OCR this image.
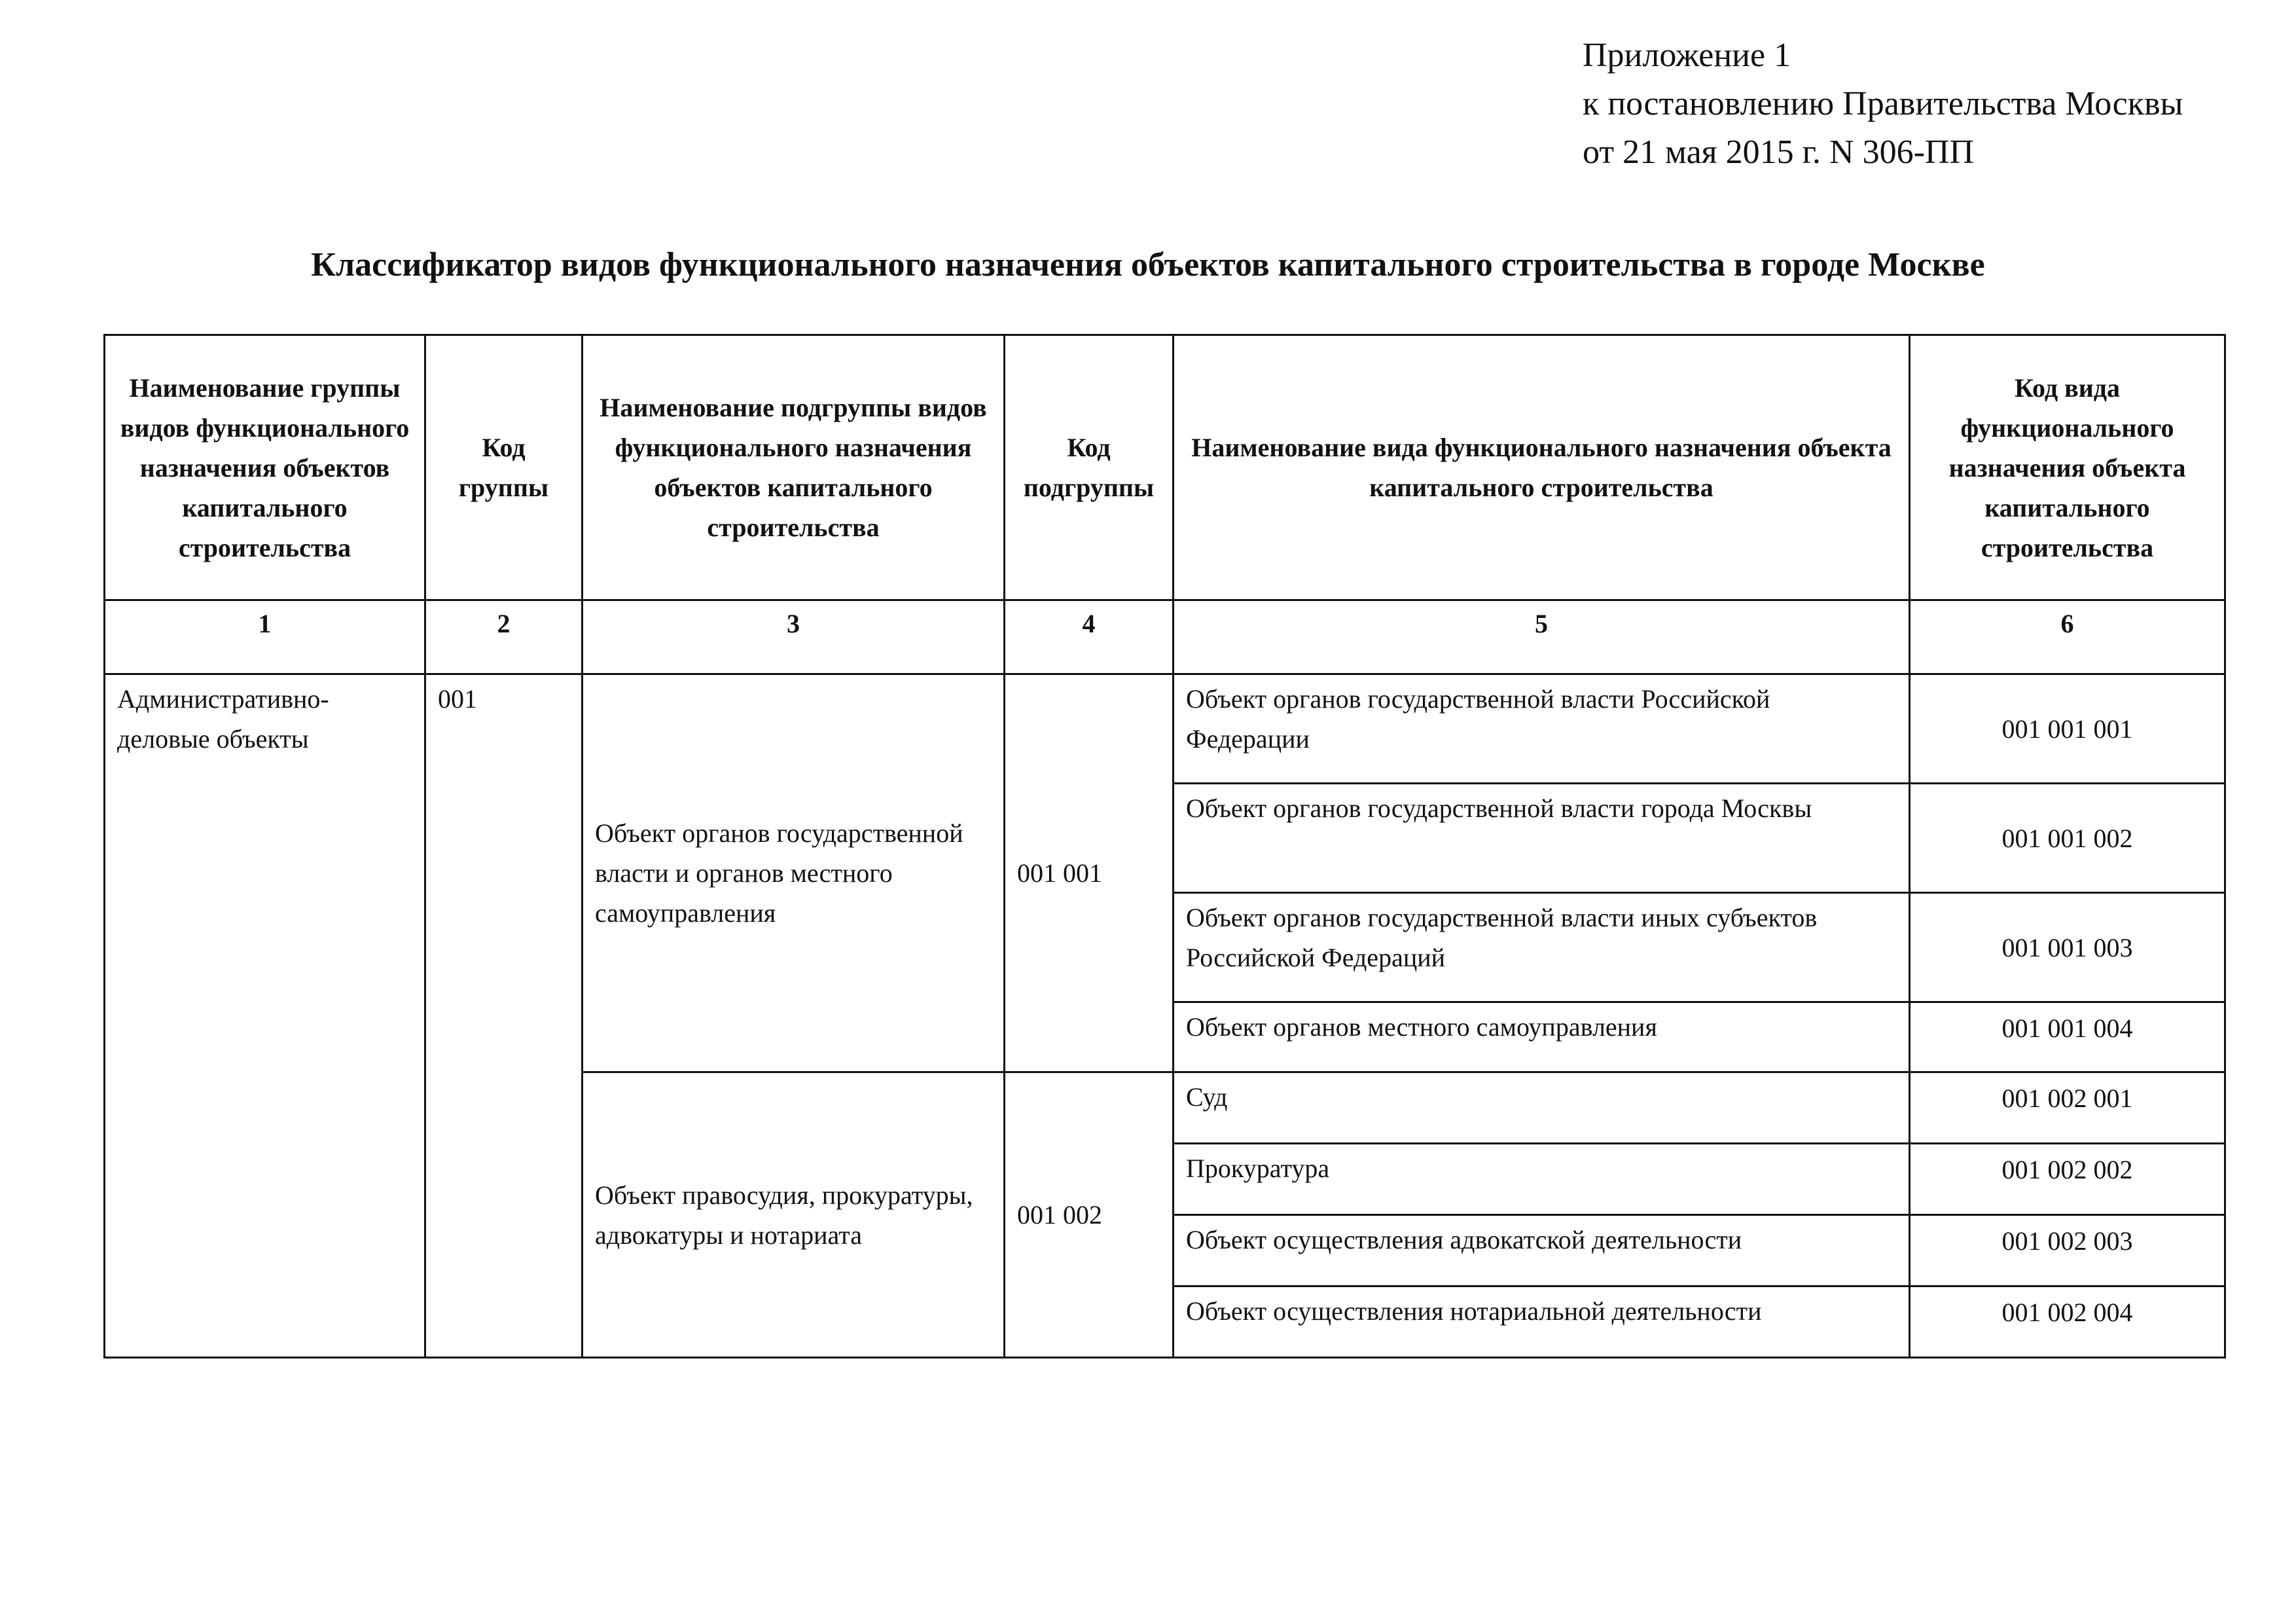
Приложение 1
к постановлению Правительства Москвы
от 21 мая 2015 г. N 306-ПП
Классификатор видов функционального назначения объектов капитального строительства в городе Москве
Наименование группы видов функционального назначения объектов капитального строительства	Код группы	Наименование подгруппы видов функционального назначения объектов капитального строительства	Код подгруппы	Наименование вида функционального назначения объекта капитального строительства	Код вида функционального назначения объекта капитального строительства
1	2	3	4	5	6
Административно-деловые объекты	001	Объект органов государственной власти и органов местного самоуправления	001 001	Объект органов государственной власти Российской Федерации	001 001 001
				Объект органов государственной власти города Москвы	001 001 002
				Объект органов государственной власти иных субъектов Российской Федераций	001 001 003
				Объект органов местного самоуправления	001 001 004
		Объект правосудия, прокуратуры, адвокатуры и нотариата	001 002	Суд	001 002 001
				Прокуратура	001 002 002
				Объект осуществления адвокатской деятельности	001 002 003
				Объект осуществления нотариальной деятельности	001 002 004
